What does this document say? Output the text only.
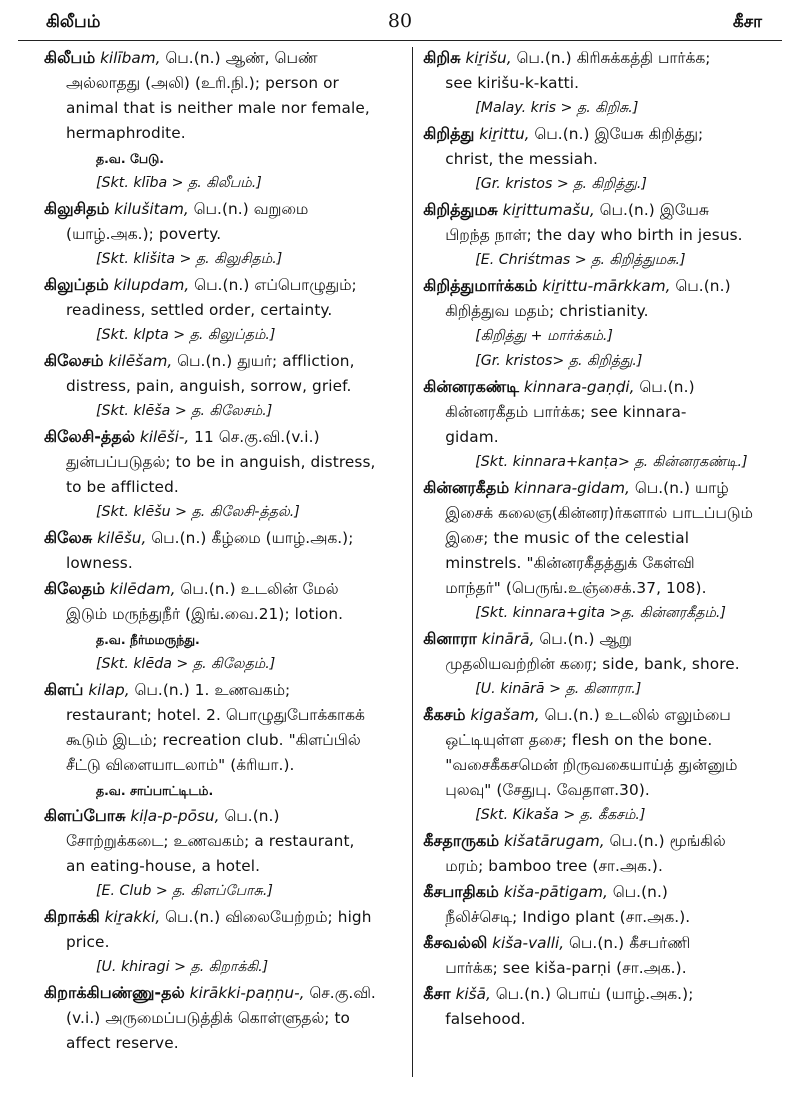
கிலீபம்	80	கீசா
கிலீபம் kilībam, பெ.(n.) ஆண், பெண்
அல்லாதது (அலி) (உரி.நி.); person or
animal that is neither male nor female,
hermaphrodite.
த.வ. பேடு.
[Skt. klība > த. கிலீபம்.]
கிலுசிதம் kilušitam, பெ.(n.) வறுமை
(யாழ்.அக.); poverty.
[Skt. klišita > த. கிலுசிதம்.]
கிலுப்தம் kilupdam, பெ.(n.) எப்பொழுதும்;
readiness, settled order, certainty.
[Skt. klpta > த. கிலுப்தம்.]
கிலேசம் kilēšam, பெ.(n.) துயர்; affliction,
distress, pain, anguish, sorrow, grief.
[Skt. klēša > த. கிலேசம்.]
கிலேசி-த்தல் kilēši-, 11 செ.கு.வி.(v.i.)
துன்பப்படுதல்; to be in anguish, distress,
to be afflicted.
[Skt. klēšu > த. கிலேசி-த்தல்.]
கிலேசு kilēšu, பெ.(n.) கீழ்மை (யாழ்.அக.);
lowness.
கிலேதம் kilēdam, பெ.(n.) உடலின் மேல்
இடும் மருந்துநீர் (இங்.வை.21); lotion.
த.வ. நீர்மமருந்து.
[Skt. klēda > த. கிலேதம்.]
கிளப் kilap, பெ.(n.) 1. உணவகம்;
restaurant; hotel. 2. பொழுதுபோக்காகக்
கூடும் இடம்; recreation club. "கிளப்பில்
சீட்டு விளையாடலாம்" (க்ரியா.).
த.வ. சாப்பாட்டிடம்.
கிளப்போசு kiḷa-p-pōsu, பெ.(n.)
சோற்றுக்கடை; உணவகம்; a restaurant,
an eating-house, a hotel.
[E. Club > த. கிளப்போசு.]
கிறாக்கி kiṟakki, பெ.(n.) விலையேற்றம்; high
price.
[U. khiragi > த. கிறாக்கி.]
கிறாக்கிபண்ணு-தல் kirākki-paṇṇu-, செ.கு.வி.
(v.i.) அருமைப்படுத்திக் கொள்ளுதல்; to
affect reserve.
கிறிசு kiṟišu, பெ.(n.) கிரிசுக்கத்தி பார்க்க;
see kirišu-k-katti.
[Malay. kris > த. கிறிசு.]
கிறித்து kiṟittu, பெ.(n.) இயேசு கிறித்து;
christ, the messiah.
[Gr. kristos > த. கிறித்து.]
கிறித்துமசு kiṟittumašu, பெ.(n.) இயேசு
பிறந்த நாள்; the day who birth in jesus.
[E. Chriśtmas > த. கிறித்துமசு.]
கிறித்துமார்க்கம் kiṟittu-mārkkam, பெ.(n.)
கிறித்துவ மதம்; christianity.
[கிறித்து + மார்க்கம்.]
[Gr. kristos> த. கிறித்து.]
கின்னரகண்டி kinnara-gaṇḍi, பெ.(n.)
கின்னரகீதம் பார்க்க; see kinnara-
gidam.
[Skt. kinnara+kanṭa> த. கின்னரகண்டி.]
கின்னரகீதம் kinnara-gidam, பெ.(n.) யாழ்
இசைக் கலைஞ(கின்னர)ர்களால் பாடப்படும்
இசை; the music of the celestial
minstrels. "கின்னரகீதத்துக் கேள்வி
மாந்தர்" (பெருங்.உஞ்சைக்.37, 108).
[Skt. kinnara+gita >த. கின்னரகீதம்.]
கினாரா kinārā, பெ.(n.) ஆறு
முதலியவற்றின் கரை; side, bank, shore.
[U. kinārā > த. கினாரா.]
கீகசம் kigašam, பெ.(n.) உடலில் எலும்பை
ஒட்டியுள்ள தசை; flesh on the bone.
"வசைகீகசமென் றிருவகையாய்த் துன்னும்
புலவு" (சேதுபு. வேதாள.30).
[Skt. Kikaša > த. கீகசம்.]
கீசதாருகம் kišatārugam, பெ.(n.) மூங்கில்
மரம்; bamboo tree (சா.அக.).
கீசபாதிகம் kiša-pātigam, பெ.(n.)
நீலிச்செடி; Indigo plant (சா.அக.).
கீசவல்லி kiša-valli, பெ.(n.) கீசபர்ணி
பார்க்க; see kiša-parṇi (சா.அக.).
கீசா kišā, பெ.(n.) பொய் (யாழ்.அக.);
falsehood.
